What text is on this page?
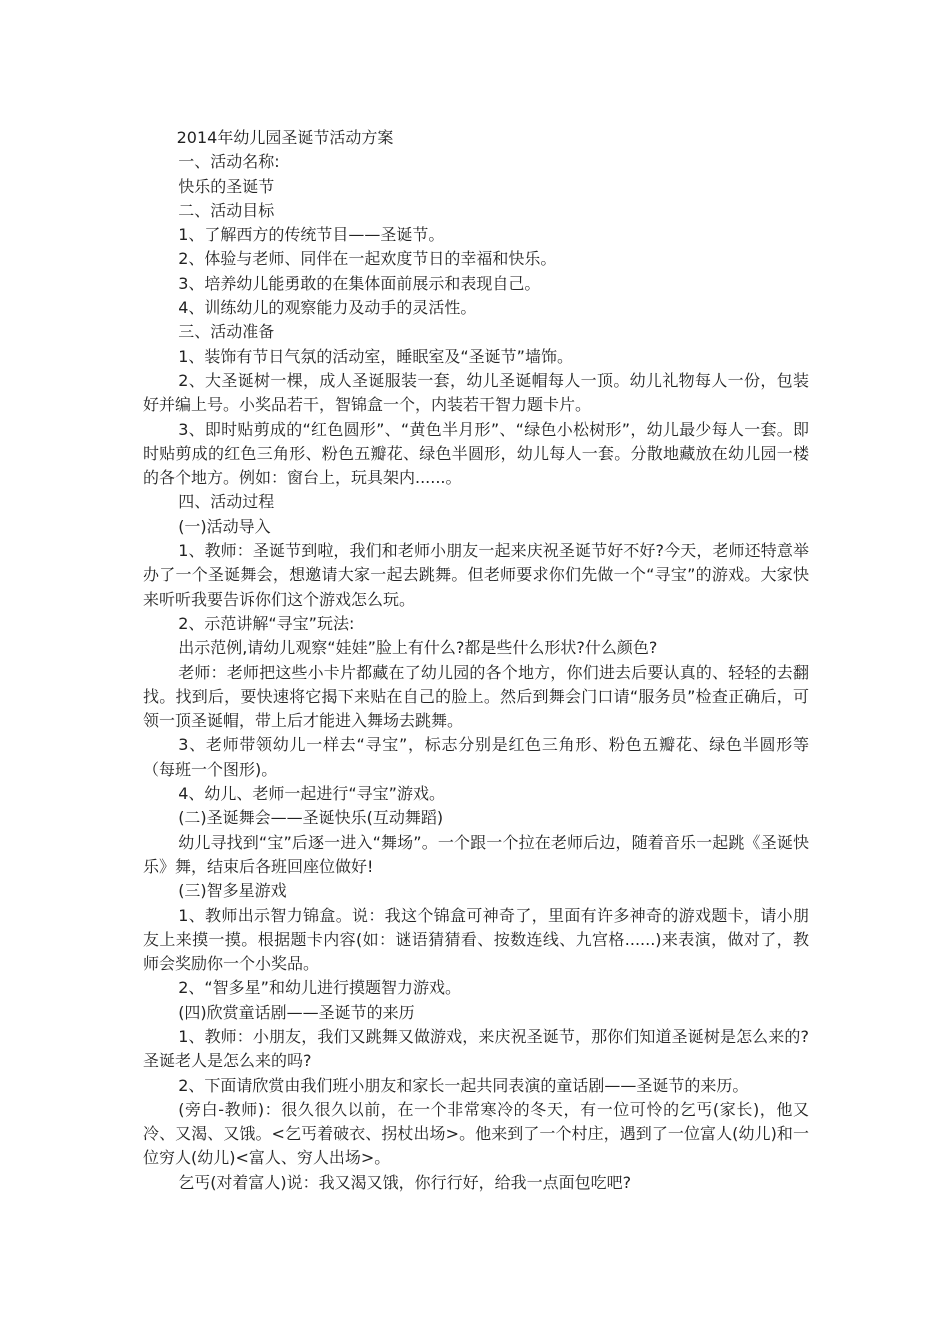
2014年幼儿园圣诞节活动方案

一、活动名称:

快乐的圣诞节

二、活动目标

1、了解西方的传统节目——圣诞节。

2、体验与老师、同伴在一起欢度节日的幸福和快乐。

3、培养幼儿能勇敢的在集体面前展示和表现自己。

4、训练幼儿的观察能力及动手的灵活性。

三、活动准备

1、装饰有节日气氛的活动室，睡眠室及“圣诞节”墙饰。

2、大圣诞树一棵，成人圣诞服装一套，幼儿圣诞帽每人一顶。幼儿礼物每人一份，包装好并编上号。小奖品若干，智锦盒一个，内装若干智力题卡片。

3、即时贴剪成的“红色圆形”、“黄色半月形”、“绿色小松树形”，幼儿最少每人一套。即时贴剪成的红色三角形、粉色五瓣花、绿色半圆形，幼儿每人一套。分散地藏放在幼儿园一楼的各个地方。例如：窗台上，玩具架内......。

四、活动过程

(一)活动导入

1、教师：圣诞节到啦，我们和老师小朋友一起来庆祝圣诞节好不好?今天，老师还特意举办了一个圣诞舞会，想邀请大家一起去跳舞。但老师要求你们先做一个“寻宝”的游戏。大家快来听听我要告诉你们这个游戏怎么玩。

2、示范讲解“寻宝”玩法:

出示范例,请幼儿观察“娃娃”脸上有什么?都是些什么形状?什么颜色?

老师：老师把这些小卡片都藏在了幼儿园的各个地方，你们进去后要认真的、轻轻的去翻找。找到后，要快速将它揭下来贴在自己的脸上。然后到舞会门口请“服务员”检查正确后，可领一顶圣诞帽，带上后才能进入舞场去跳舞。

3、老师带领幼儿一样去“寻宝”，标志分别是红色三角形、粉色五瓣花、绿色半圆形等（每班一个图形)。

4、幼儿、老师一起进行“寻宝”游戏。

(二)圣诞舞会——圣诞快乐(互动舞蹈)

幼儿寻找到“宝”后逐一进入“舞场”。一个跟一个拉在老师后边，随着音乐一起跳《圣诞快乐》舞，结束后各班回座位做好!

(三)智多星游戏

1、教师出示智力锦盒。说：我这个锦盒可神奇了，里面有许多神奇的游戏题卡，请小朋友上来摸一摸。根据题卡内容(如：谜语猜猜看、按数连线、九宫格......)来表演，做对了，教师会奖励你一个小奖品。

2、“智多星”和幼儿进行摸题智力游戏。

(四)欣赏童话剧——圣诞节的来历

1、教师：小朋友，我们又跳舞又做游戏，来庆祝圣诞节，那你们知道圣诞树是怎么来的?圣诞老人是怎么来的吗?

2、下面请欣赏由我们班小朋友和家长一起共同表演的童话剧——圣诞节的来历。

(旁白-教师)：很久很久以前，在一个非常寒冷的冬天，有一位可怜的乞丐(家长)，他又冷、又渴、又饿。<乞丐着破衣、拐杖出场>。他来到了一个村庄，遇到了一位富人(幼儿)和一位穷人(幼儿)<富人、穷人出场>。

乞丐(对着富人)说：我又渴又饿，你行行好，给我一点面包吃吧?
